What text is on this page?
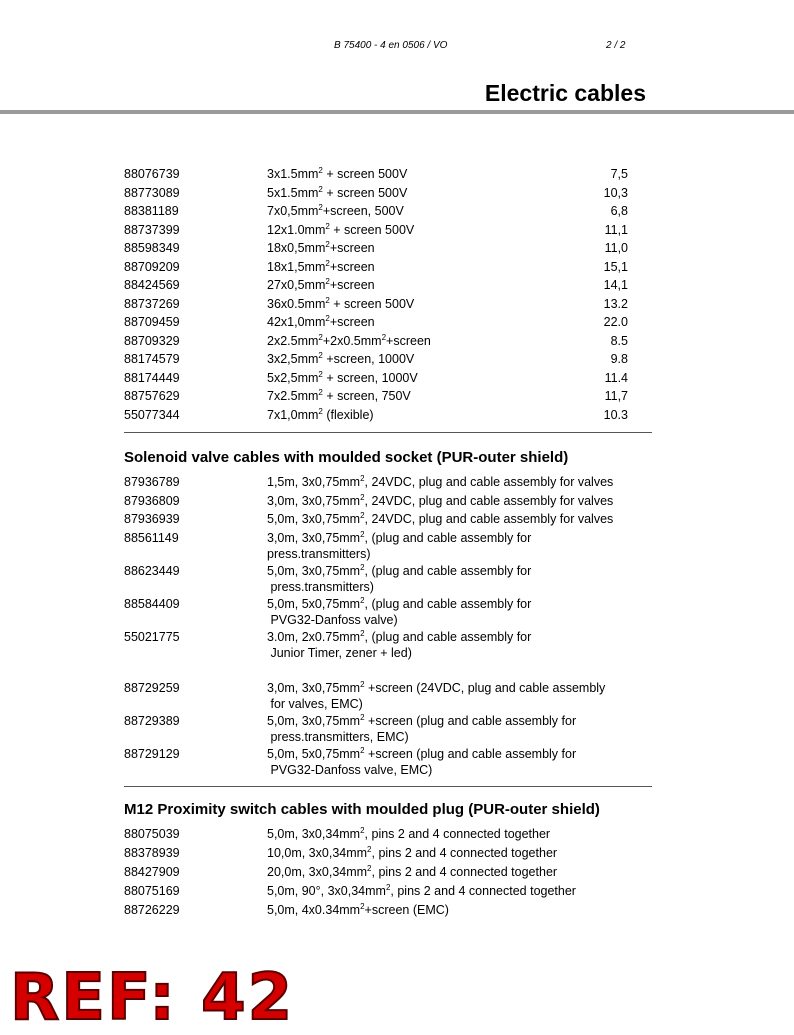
B 75400 - 4 en 0506 / VO	2 / 2
Electric cables
88076739	$3x1.5mm^2$ + screen 500V	7,5
88773089	$5x1.5mm^2$ + screen 500V	10,3
88381189	$7x0,5mm^2+screen$, 500V	6,8
88737399	$12x1.0mm^2$ + screen 500V	11,1
88598349	$18x0,5mm^2+screen$	11,0
88709209	$18x1,5mm^2+screen$	15,1
88424569	$27x0,5mm^2+screen$	14,1
88737269	$36x0.5mm^2$ + screen 500V	13.2
88709459	$42x1,0mm^2+screen$	22.0
88709329	$2x2.5mm^2+2x0.5mm^2+screen$	8.5
88174579	$3x2,5mm^2$ +screen, 1000V	9.8
88174449	$5x2,5mm^2$ + screen, 1000V	11.4
88757629	$7x2.5mm^2$ + screen, 750V	11,7
55077344	$7x1,0mm^2$ (flexible)	10.3
Solenoid valve cables with moulded socket (PUR-outer shield)
87936789	1,5m, $3x0,75mm^2$, 24VDC, plug and cable assembly for valves
87936809	3,0m, $3x0,75mm^2$, 24VDC, plug and cable assembly for valves
87936939	5,0m, $3x0,75mm^2$, 24VDC, plug and cable assembly for valves
88561149	3,0m, $3x0,75mm^2$, (plug and cable assembly for
press.transmitters)
88623449	5,0m, $3x0,75mm^2$, (plug and cable assembly for
press.transmitters)
88584409	5,0m, $5x0,75mm^2$, (plug and cable assembly for
PVG32-Danfoss valve)
55021775	3.0m, $2x0.75mm^2$, (plug and cable assembly for
Junior Timer, zener + led)
88729259	3,0m, $3x0,75mm^2$ +screen (24VDC, plug and cable assembly
for valves, EMC)
88729389	5,0m, $3x0,75mm^2$ +screen (plug and cable assembly for
press.transmitters, EMC)
88729129	5,0m, $5x0,75mm^2$ +screen (plug and cable assembly for
PVG32-Danfoss valve, EMC)
M12 Proximity switch cables with moulded plug (PUR-outer shield)
88075039	5,0m, $3x0,34mm^2$, pins 2 and 4 connected together
88378939	10,0m, $3x0,34mm^2$, pins 2 and 4 connected together
88427909	20,0m, $3x0,34mm^2$, pins 2 and 4 connected together
88075169	5,0m, 90°, $3x0,34mm^2$, pins 2 and 4 connected together
88726229	5,0m, $4x0.34mm^2+screen$ (EMC)
REF: 42
